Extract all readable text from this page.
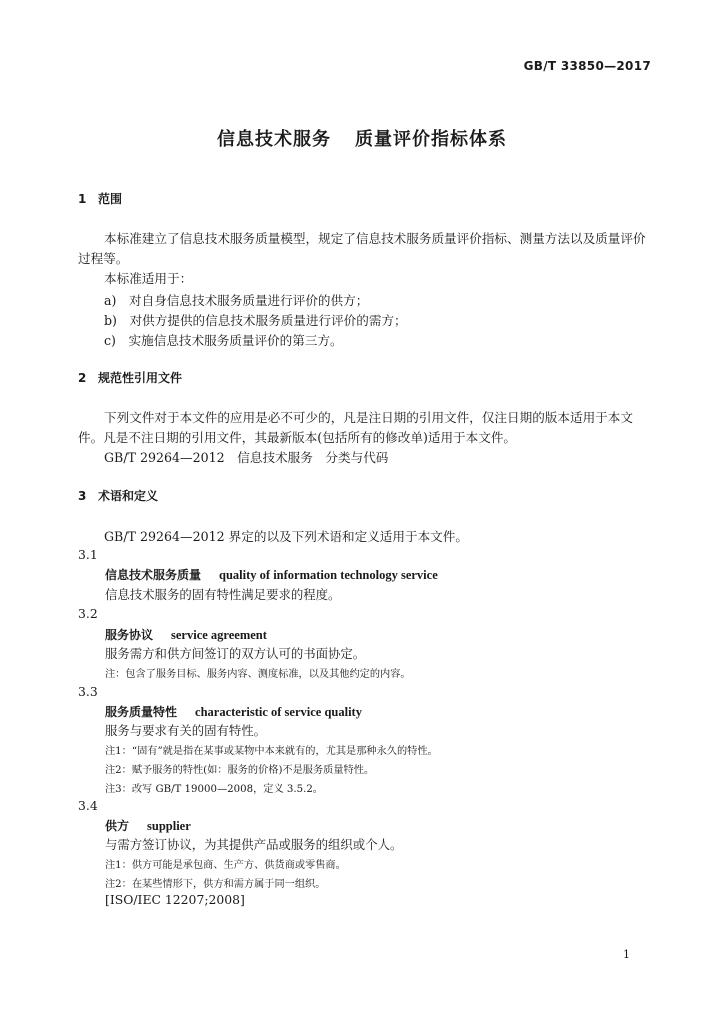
GB/T 33850—2017
信息技术服务 质量评价指标体系
1 范围
本标准建立了信息技术服务质量模型，规定了信息技术服务质量评价指标、测量方法以及质量评价
过程等。
本标准适用于：
a)　对自身信息技术服务质量进行评价的供方；
b)　对供方提供的信息技术服务质量进行评价的需方；
c)　实施信息技术服务质量评价的第三方。
2 规范性引用文件
下列文件对于本文件的应用是必不可少的，凡是注日期的引用文件，仅注日期的版本适用于本文
件。凡是不注日期的引用文件，其最新版本(包括所有的修改单)适用于本文件。
GB/T 29264—2012　信息技术服务　分类与代码
3 术语和定义
GB/T 29264—2012 界定的以及下列术语和定义适用于本文件。
3.1
信息技术服务质量 quality of information technology service
信息技术服务的固有特性满足要求的程度。
3.2
服务协议 service agreement
服务需方和供方间签订的双方认可的书面协定。
注：包含了服务目标、服务内容、测度标准，以及其他约定的内容。
3.3
服务质量特性 characteristic of service quality
服务与要求有关的固有特性。
注1：“固有”就是指在某事或某物中本来就有的，尤其是那种永久的特性。
注2：赋予服务的特性(如：服务的价格)不是服务质量特性。
注3：改写 GB/T 19000—2008，定义 3.5.2。
3.4
供方 supplier
与需方签订协议，为其提供产品或服务的组织或个人。
注1：供方可能是承包商、生产方、供货商或零售商。
注2：在某些情形下，供方和需方属于同一组织。
[ISO/IEC 12207;2008]
1
